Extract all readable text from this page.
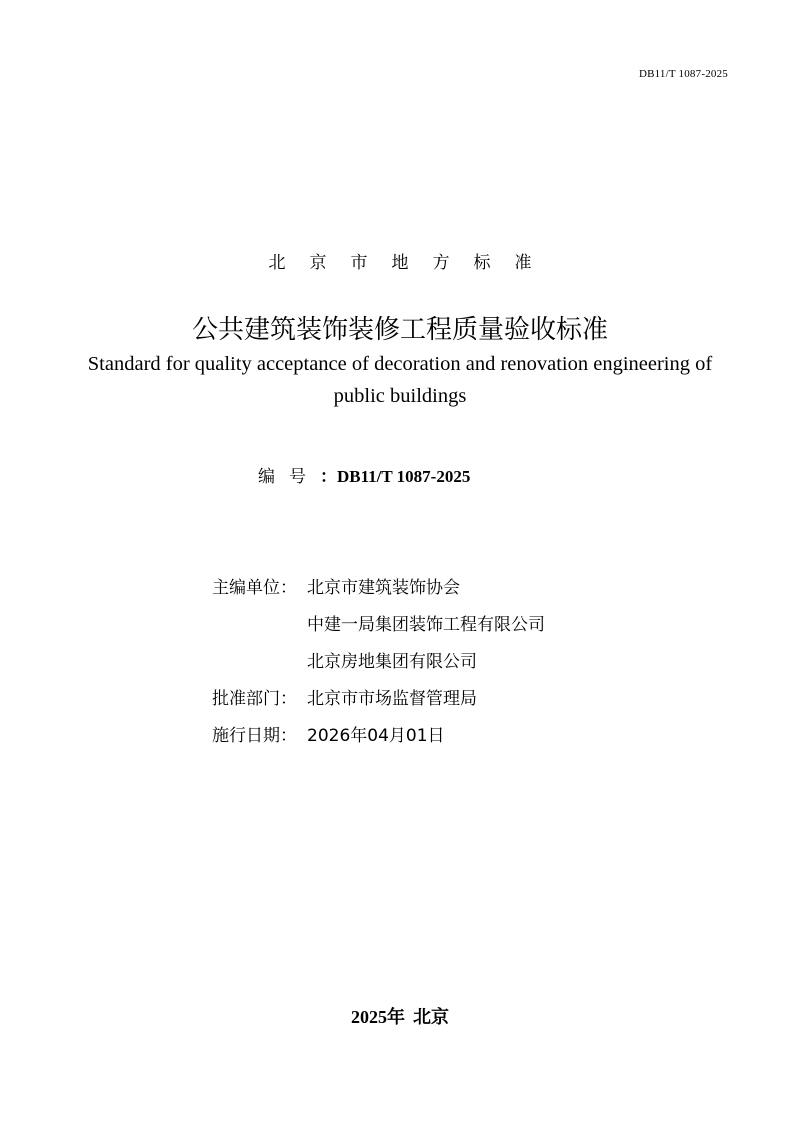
DB11/T 1087-2025
北京市地方标准
公共建筑装饰装修工程质量验收标准
Standard for quality acceptance of decoration and renovation engineering of public buildings
编号：DB11/T 1087-2025
主编单位： 北京市建筑装饰协会
中建一局集团装饰工程有限公司
北京房地集团有限公司
批准部门： 北京市市场监督管理局
施行日期： 2026年04月01日
2025年 北京
